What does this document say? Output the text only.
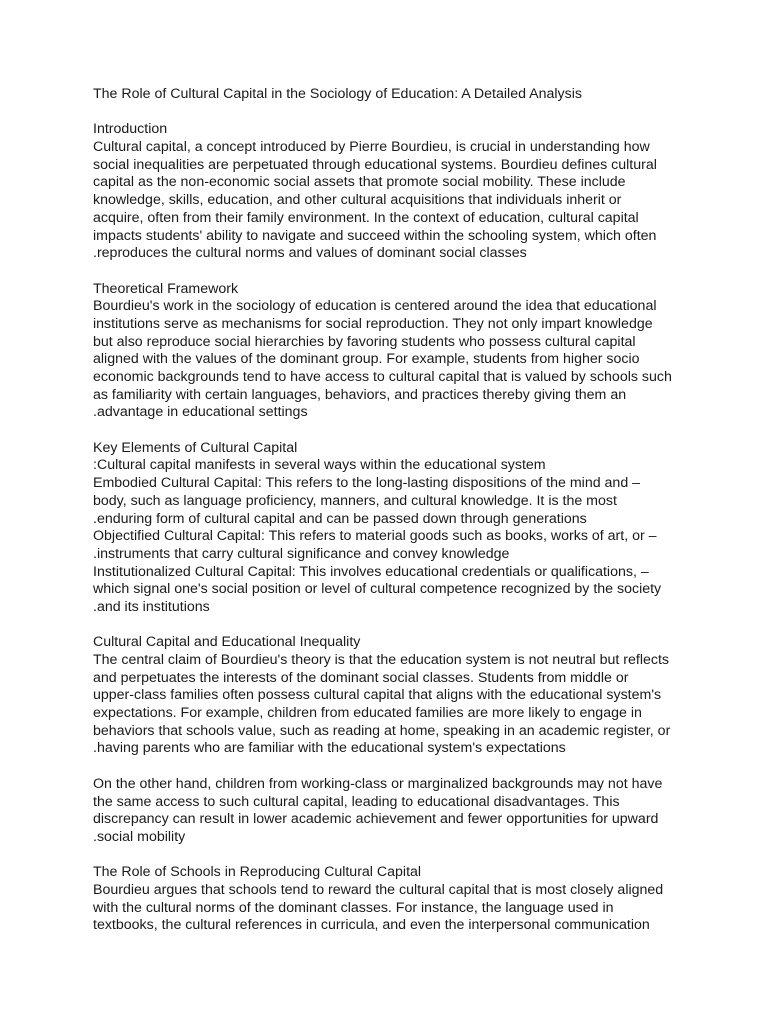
The Role of Cultural Capital in the Sociology of Education: A Detailed Analysis
Introduction
Cultural capital, a concept introduced by Pierre Bourdieu, is crucial in understanding how
social inequalities are perpetuated through educational systems. Bourdieu defines cultural
capital as the non-economic social assets that promote social mobility. These include
knowledge, skills, education, and other cultural acquisitions that individuals inherit or
acquire, often from their family environment. In the context of education, cultural capital
impacts students' ability to navigate and succeed within the schooling system, which often
.reproduces the cultural norms and values of dominant social classes
Theoretical Framework
Bourdieu's work in the sociology of education is centered around the idea that educational
institutions serve as mechanisms for social reproduction. They not only impart knowledge
but also reproduce social hierarchies by favoring students who possess cultural capital
aligned with the values of the dominant group. For example, students from higher socio
economic backgrounds tend to have access to cultural capital that is valued by schools such
as familiarity with certain languages, behaviors, and practices thereby giving them an
.advantage in educational settings
Key Elements of Cultural Capital
:Cultural capital manifests in several ways within the educational system
Embodied Cultural Capital: This refers to the long-lasting dispositions of the mind and –
body, such as language proficiency, manners, and cultural knowledge. It is the most
.enduring form of cultural capital and can be passed down through generations
Objectified Cultural Capital: This refers to material goods such as books, works of art, or –
.instruments that carry cultural significance and convey knowledge
Institutionalized Cultural Capital: This involves educational credentials or qualifications, –
which signal one's social position or level of cultural competence recognized by the society
.and its institutions
Cultural Capital and Educational Inequality
The central claim of Bourdieu's theory is that the education system is not neutral but reflects
and perpetuates the interests of the dominant social classes. Students from middle or
upper-class families often possess cultural capital that aligns with the educational system's
expectations. For example, children from educated families are more likely to engage in
behaviors that schools value, such as reading at home, speaking in an academic register, or
.having parents who are familiar with the educational system's expectations
On the other hand, children from working-class or marginalized backgrounds may not have
the same access to such cultural capital, leading to educational disadvantages. This
discrepancy can result in lower academic achievement and fewer opportunities for upward
.social mobility
The Role of Schools in Reproducing Cultural Capital
Bourdieu argues that schools tend to reward the cultural capital that is most closely aligned
with the cultural norms of the dominant classes. For instance, the language used in
textbooks, the cultural references in curricula, and even the interpersonal communication
